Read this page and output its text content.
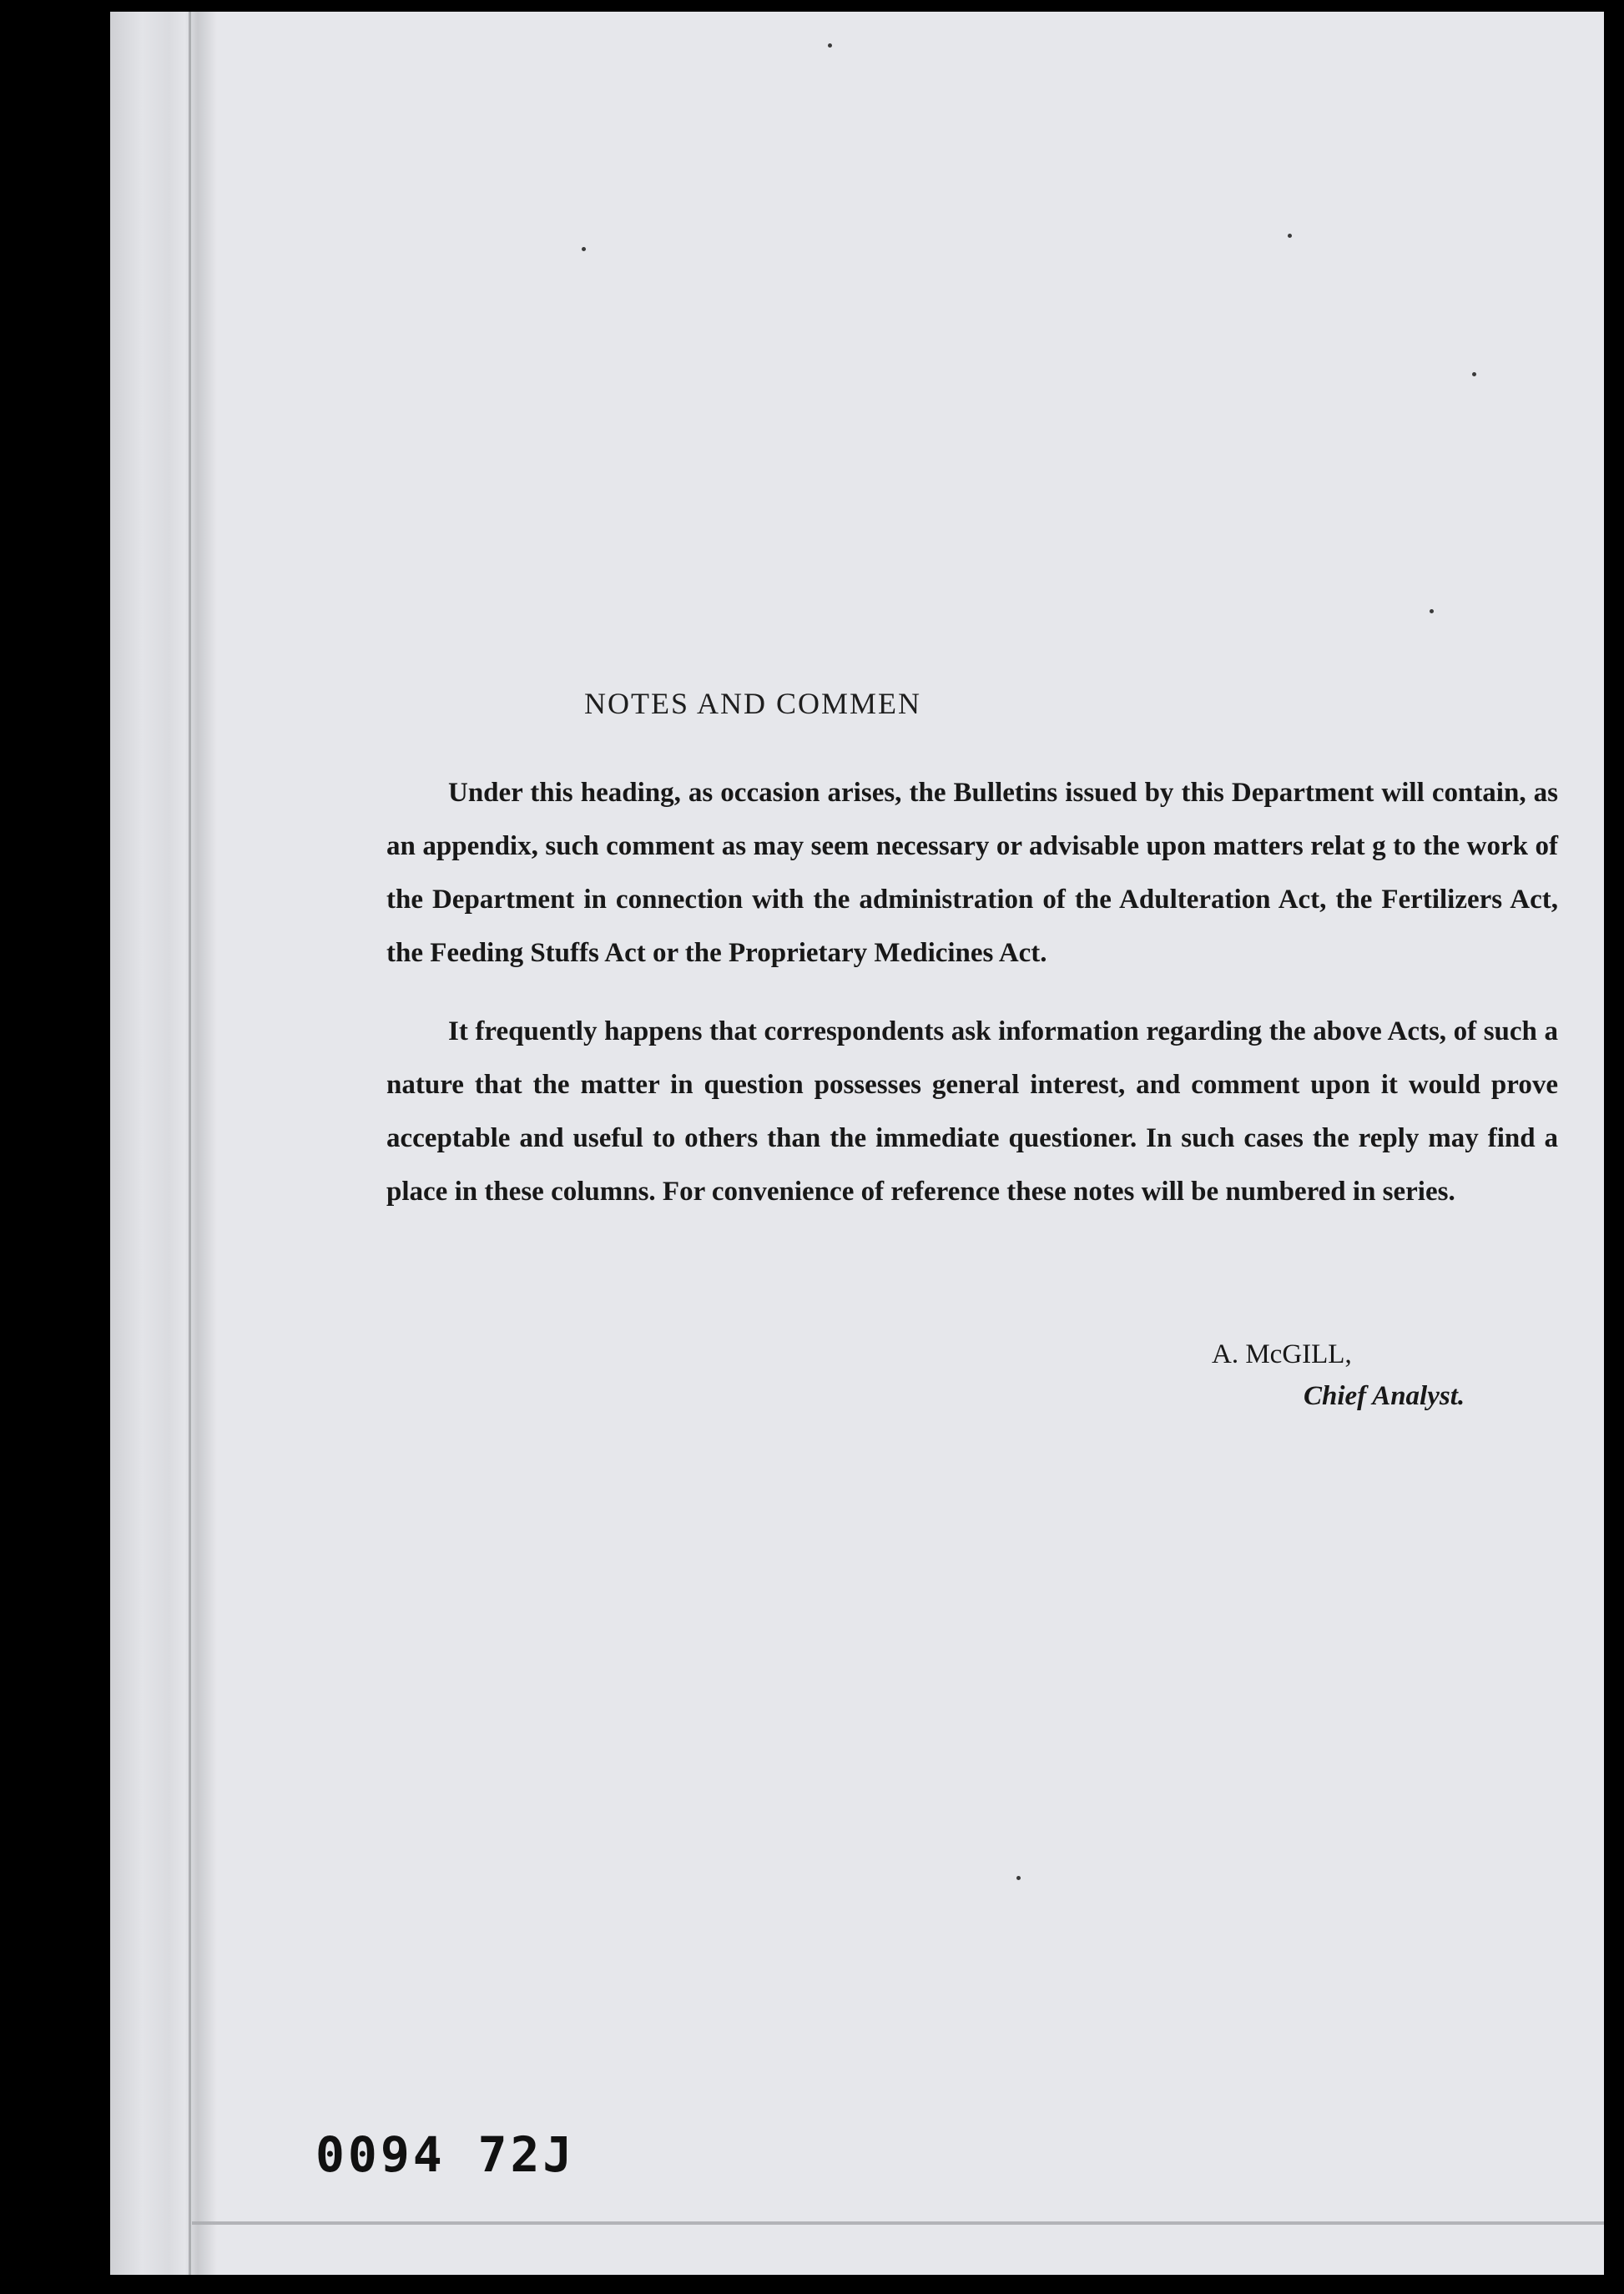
NOTES AND COMMEN

Under this heading, as occasion arises, the Bulletins issued by this Department will contain, as an appendix, such comment as may seem necessary or advisable upon matters relat g to the work of the Department in connection with the administration of the Adulteration Act, the Fertilizers Act, the Feeding Stuffs Act or the Proprietary Medicines Act.

It frequently happens that correspondents ask information regarding the above Acts, of such a nature that the matter in question possesses general interest, and comment upon it would prove acceptable and useful to others than the immediate questioner. In such cases the reply may find a place in these columns. For convenience of reference these notes will be numbered in series.

A. McGILL,
Chief Analyst.
0094 72J
